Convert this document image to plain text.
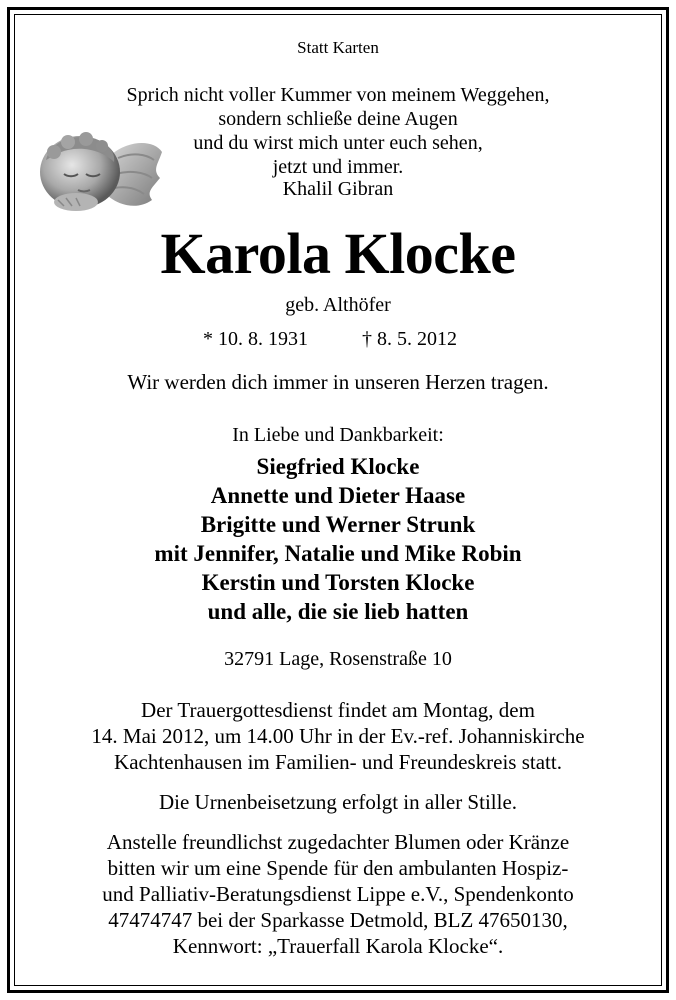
Statt Karten

Sprich nicht voller Kummer von meinem Weggehen,

sondern schließe deine Augen

und du wirst mich unter euch sehen,

jetzt und immer.

Khalil Gibran

Karola Klocke

geb. Althöfer

* 10. 8. 1931	† 8. 5. 2012

Wir werden dich immer in unseren Herzen tragen.

In Liebe und Dankbarkeit:

Siegfried Klocke

Annette und Dieter Haase

Brigitte und Werner Strunk

mit Jennifer, Natalie und Mike Robin

Kerstin und Torsten Klocke

und alle, die sie lieb hatten

32791 Lage, Rosenstraße 10

Der Trauergottesdienst findet am Montag, dem

14. Mai 2012, um 14.00 Uhr in der Ev.-ref. Johanniskirche

Kachtenhausen im Familien- und Freundeskreis statt.

Die Urnenbeisetzung erfolgt in aller Stille.

Anstelle freundlichst zugedachter Blumen oder Kränze

bitten wir um eine Spende für den ambulanten Hospiz-

und Palliativ-Beratungsdienst Lippe e.V., Spendenkonto

47474747 bei der Sparkasse Detmold, BLZ 47650130,

Kennwort: „Trauerfall Karola Klocke“.
